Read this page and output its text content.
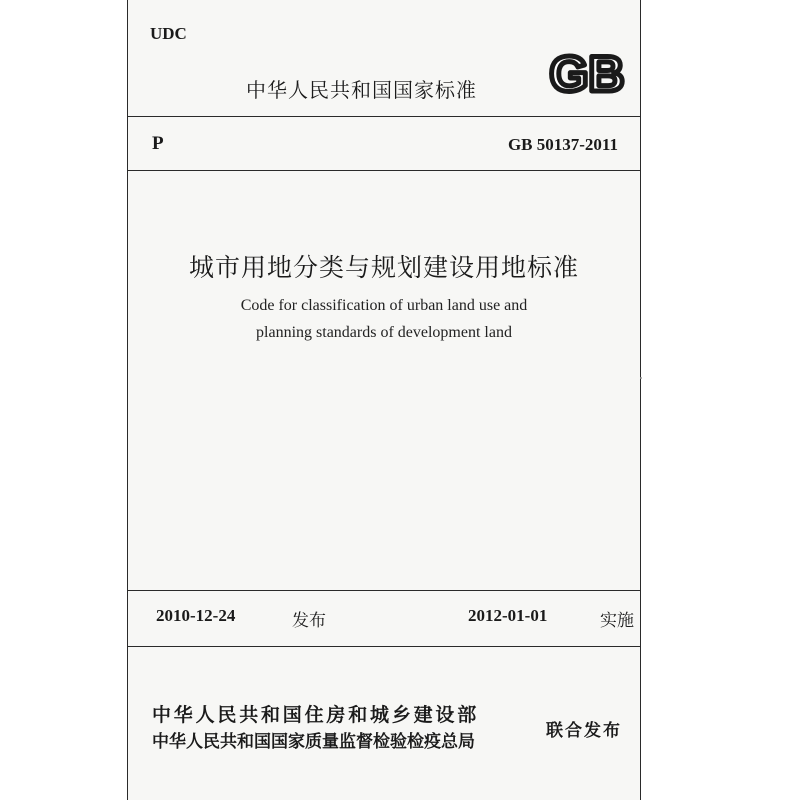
UDC
中华人民共和国国家标准 GB
P	GB 50137-2011
城市用地分类与规划建设用地标准
Code for classification of urban land use and
planning standards of development land
2010-12-24	发布	2012-01-01	实施
中华人民共和国住房和城乡建设部
中华人民共和国国家质量监督检验检疫总局
联合发布
